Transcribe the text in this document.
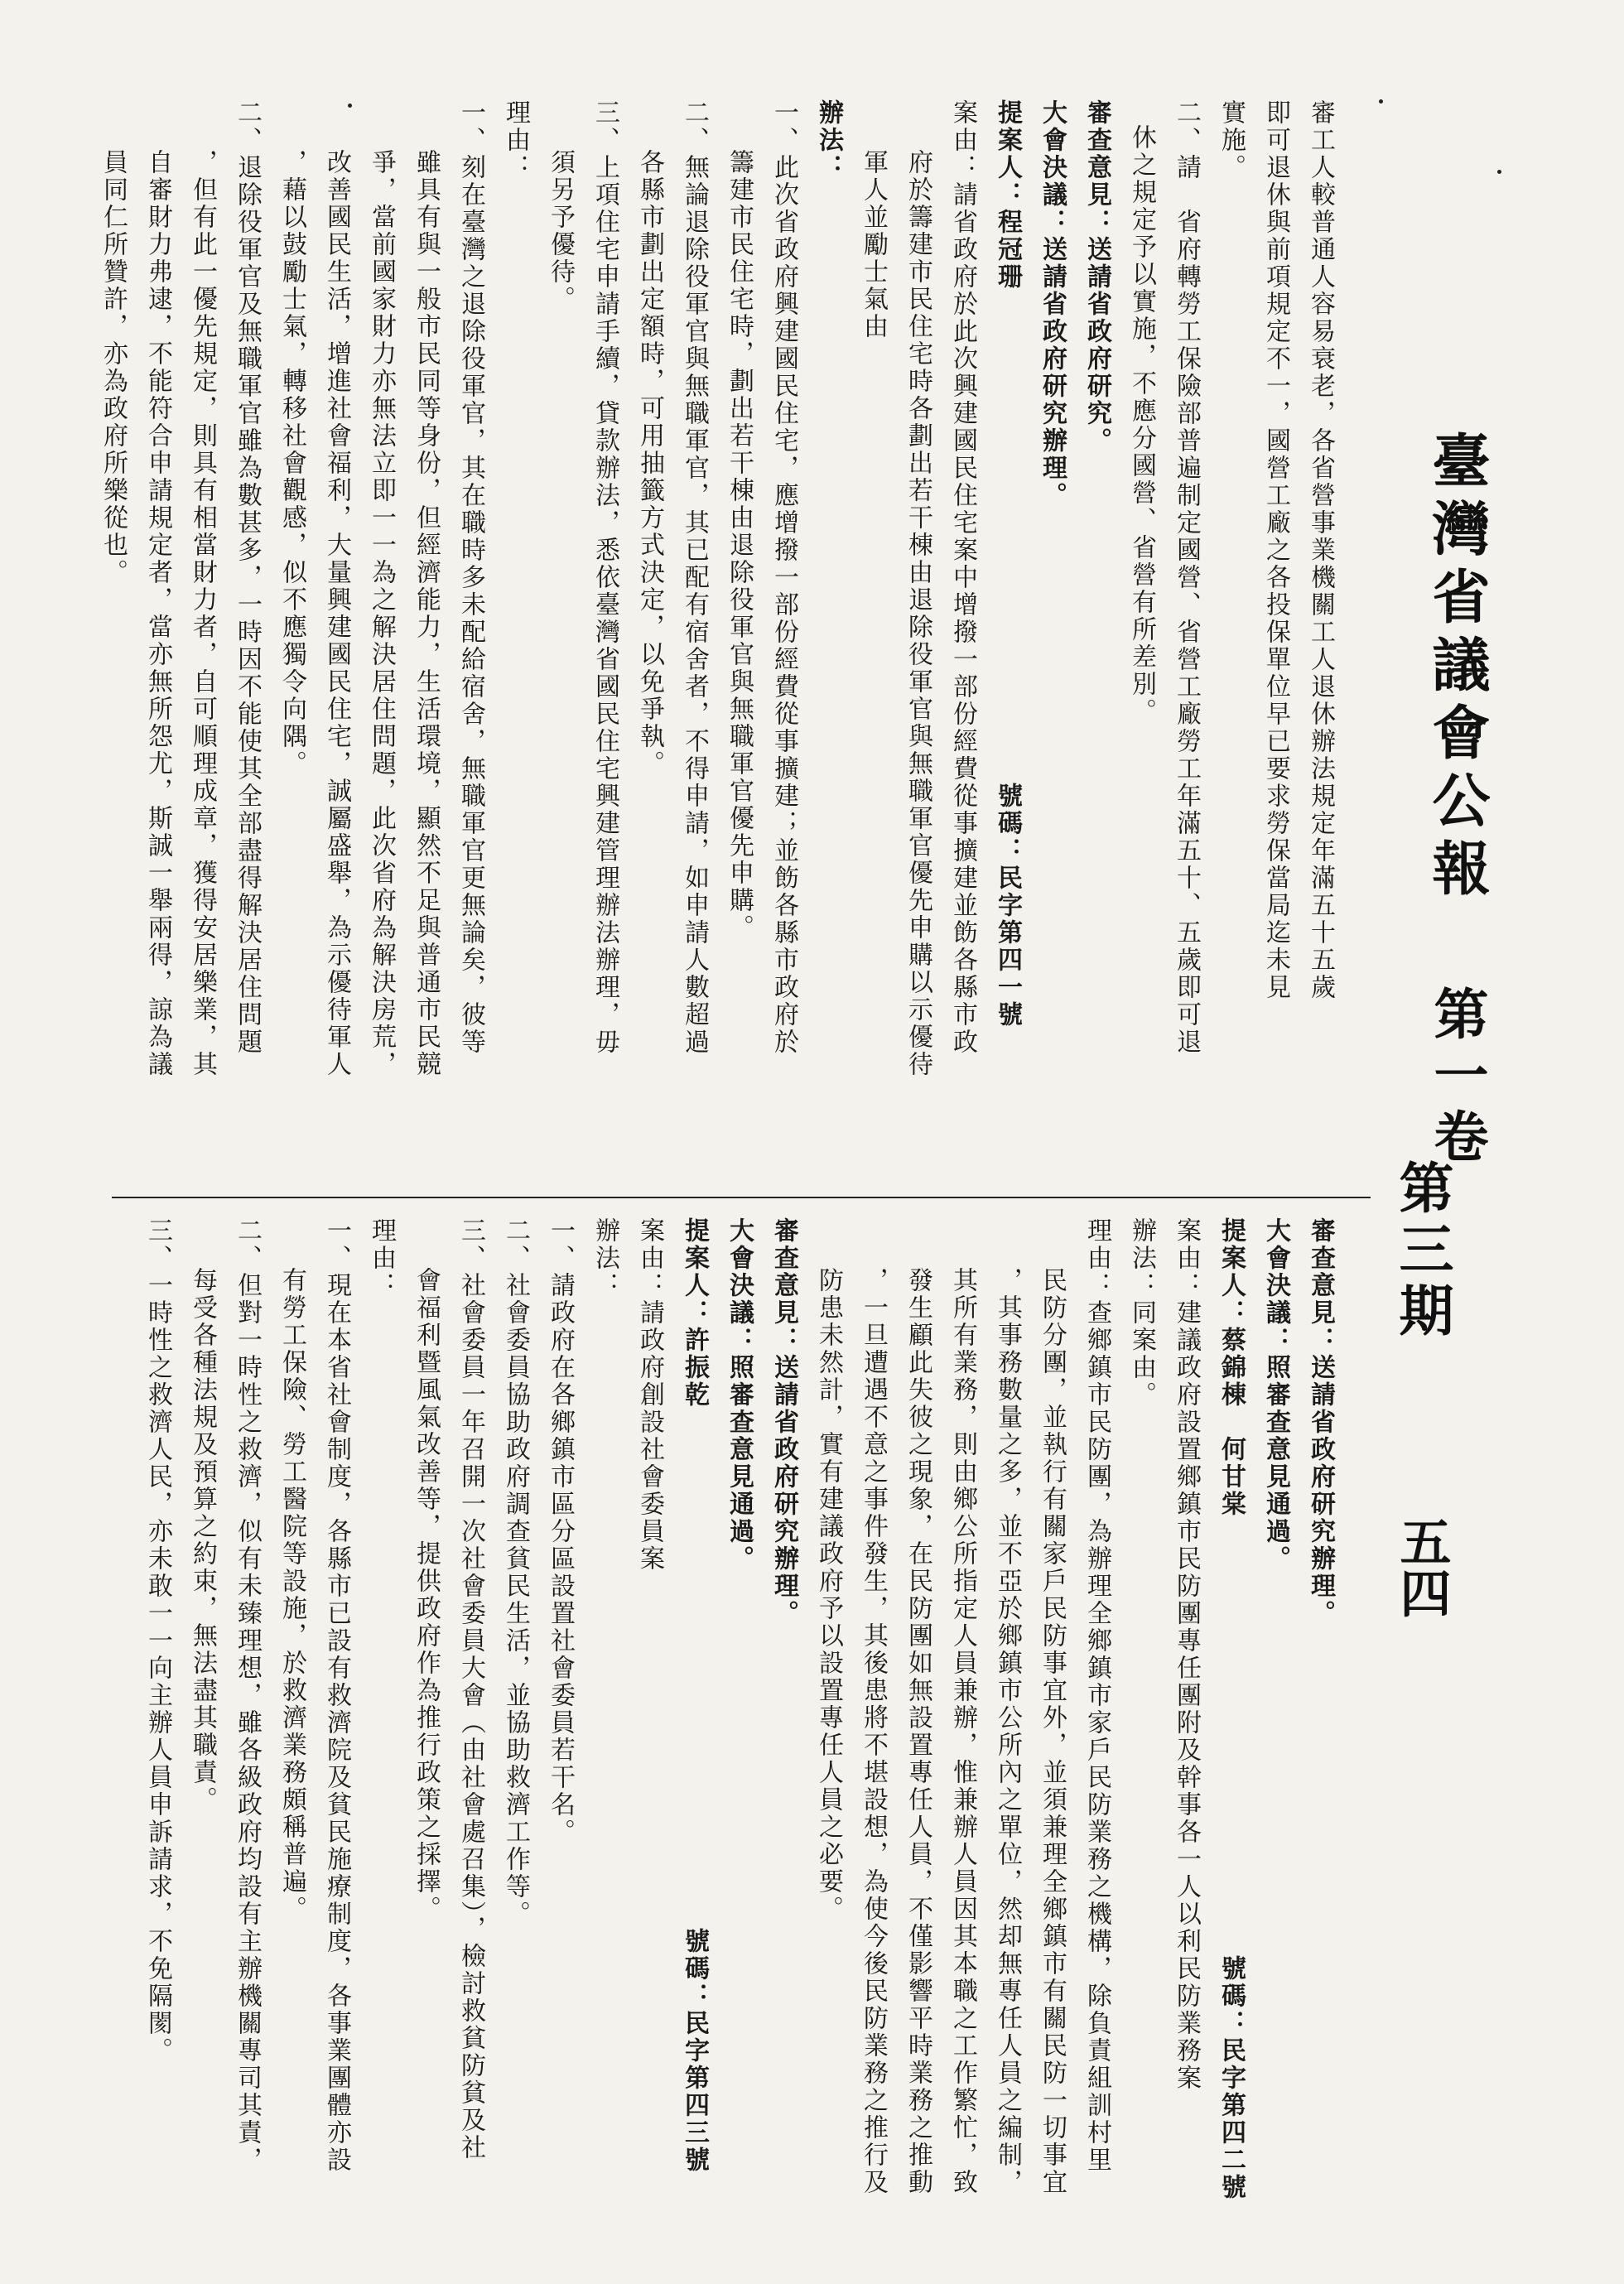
臺灣省議會公報 第一卷
第三期
五四
審工人較普通人容易衰老，各省營事業機關工人退休辦法規定年滿五十五歲
即可退休與前項規定不一，國營工廠之各投保單位早已要求勞保當局迄未見
實施。
二、請　省府轉勞工保險部普遍制定國營、省營工廠勞工年滿五十、五歲即可退
休之規定予以實施，不應分國營、省營有所差別。
審查意見：送請省政府研究。
大會決議：送請省政府研究辦理。
提案人：程冠珊　　　　　　　　　　　　　　　　　　號碼：民字第四一號
案由：請省政府於此次興建國民住宅案中增撥一部份經費從事擴建並飭各縣市政
府於籌建市民住宅時各劃出若干棟由退除役軍官與無職軍官優先申購以示優待
軍人並勵士氣由
辦法：
一、此次省政府興建國民住宅，應增撥一部份經費從事擴建；並飭各縣市政府於
籌建市民住宅時，劃出若干棟由退除役軍官與無職軍官優先申購。
二、無論退除役軍官與無職軍官，其已配有宿舍者，不得申請，如申請人數超過
各縣市劃出定額時，可用抽籤方式決定，以免爭執。
三、上項住宅申請手續，貸款辦法，悉依臺灣省國民住宅興建管理辦法辦理，毋
須另予優待。
理由：
一、刻在臺灣之退除役軍官，其在職時多未配給宿舍，無職軍官更無論矣，彼等
雖具有與一般市民同等身份，但經濟能力，生活環境，顯然不足與普通市民競
爭，當前國家財力亦無法立即一一為之解決居住問題，此次省府為解決房荒，
改善國民生活，增進社會福利，大量興建國民住宅，誠屬盛舉，為示優待軍人
，藉以鼓勵士氣，轉移社會觀感，似不應獨令向隅。
二、退除役軍官及無職軍官雖為數甚多，一時因不能使其全部盡得解決居住問題
，但有此一優先規定，則具有相當財力者，自可順理成章，獲得安居樂業，其
自審財力弗逮，不能符合申請規定者，當亦無所怨尤，斯誠一舉兩得，諒為議
員同仁所贊許，亦為政府所樂從也。
審查意見：送請省政府研究辦理。
大會決議：照審查意見通過。
提案人：蔡錦棟　何甘棠　　　　　　　　　　　　　　　　號碼：民字第四二號
案由：建議政府設置鄉鎮市民防團專任團附及幹事各一人以利民防業務案
辦法：同案由。
理由：查鄉鎮市民防團，為辦理全鄉鎮市家戶民防業務之機構，除負責組訓村里
民防分團，並執行有關家戶民防事宜外，並須兼理全鄉鎮市有關民防一切事宜
，其事務數量之多，並不亞於鄉鎮市公所內之單位，然却無專任人員之編制，
其所有業務，則由鄉公所指定人員兼辦，惟兼辦人員因其本職之工作繁忙，致
發生顧此失彼之現象，在民防團如無設置專任人員，不僅影響平時業務之推動
，一旦遭遇不意之事件發生，其後患將不堪設想，為使今後民防業務之推行及
防患未然計，實有建議政府予以設置專任人員之必要。
審查意見：送請省政府研究辦理。
大會決議：照審查意見通過。
提案人：許振乾　　　　　　　　　　　　　　　　　　　號碼：民字第四三號
案由：請政府創設社會委員案
辦法：
一、請政府在各鄉鎮市區分區設置社會委員若干名。
二、社會委員協助政府調查貧民生活，並協助救濟工作等。
三、社會委員一年召開一次社會委員大會（由社會處召集），檢討救貧防貧及社
會福利暨風氣改善等，提供政府作為推行政策之採擇。
理由：
一、現在本省社會制度，各縣市已設有救濟院及貧民施療制度，各事業團體亦設
有勞工保險、勞工醫院等設施，於救濟業務頗稱普遍。
二、但對一時性之救濟，似有未臻理想，雖各級政府均設有主辦機關專司其責，
每受各種法規及預算之約束，無法盡其職責。
三、一時性之救濟人民，亦未敢一一向主辦人員申訴請求，不免隔閡。
